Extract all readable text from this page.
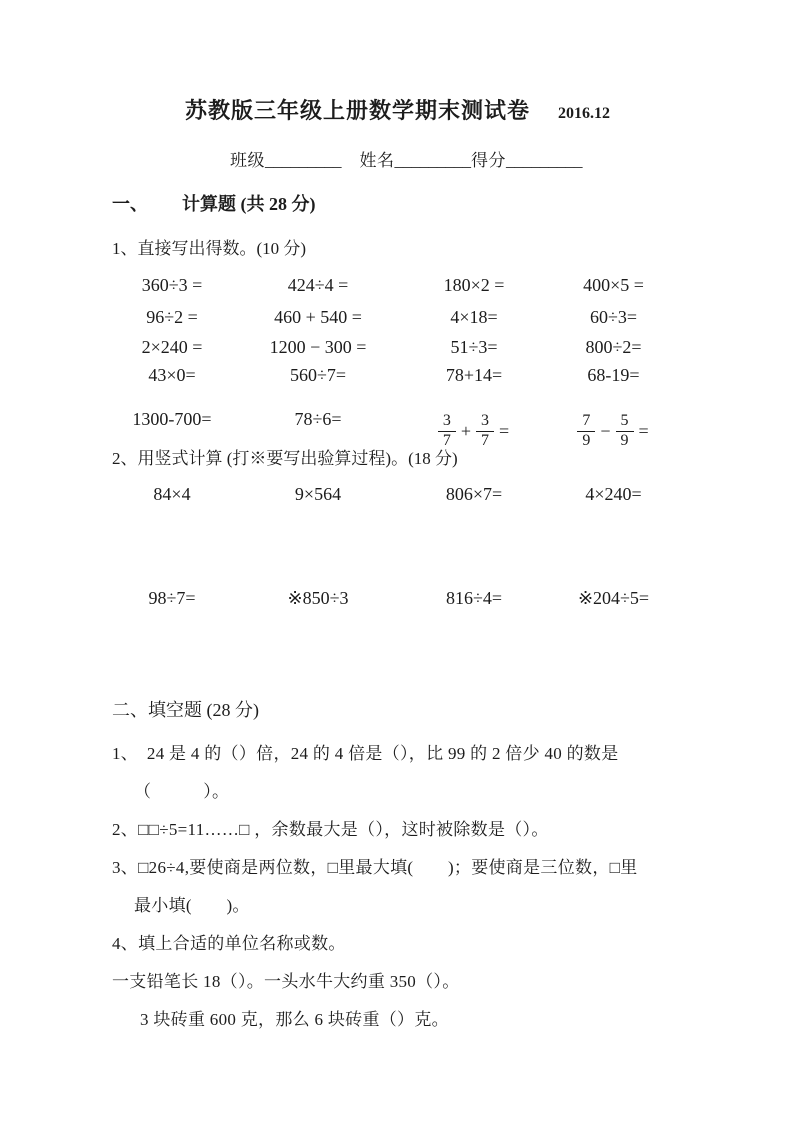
苏教版三年级上册数学期末测试卷 2016.12
班级_________ 姓名_________得分_________
一、 计算题 (共 28 分)
1、直接写出得数。(10 分)
360÷3 =	424÷4 =	180×2 =	400×5 =
96÷2 =	460 + 540 =	4×18=	60÷3=
2×240 =	1200 − 300 =	51÷3=	800÷2=
43×0=	560÷7=	78+14=	68-19=
1300-700=	78÷6=	$\frac{3}{7} + \frac{3}{7}$ =	$\frac{7}{9} - \frac{5}{9}$ =
2、用竖式计算 (打※要写出验算过程)。(18 分)
84×4	9×564	806×7=	4×240=
98÷7=	※850÷3	816÷4=	※204÷5=
二、填空题 (28 分)
1、　24 是 4 的（）倍，24 的 4 倍是（），比 99 的 2 倍少 40 的数是
（　　　）。
2、□□÷5=11……□ ，余数最大是（），这时被除数是（）。
3、□26÷4,要使商是两位数，□里最大填(　　)；要使商是三位数，□里
最小填(　　)。
4、填上合适的单位名称或数。
一支铅笔长 18（）。一头水牛大约重 350（）。
3 块砖重 600 克，那么 6 块砖重（）克。
